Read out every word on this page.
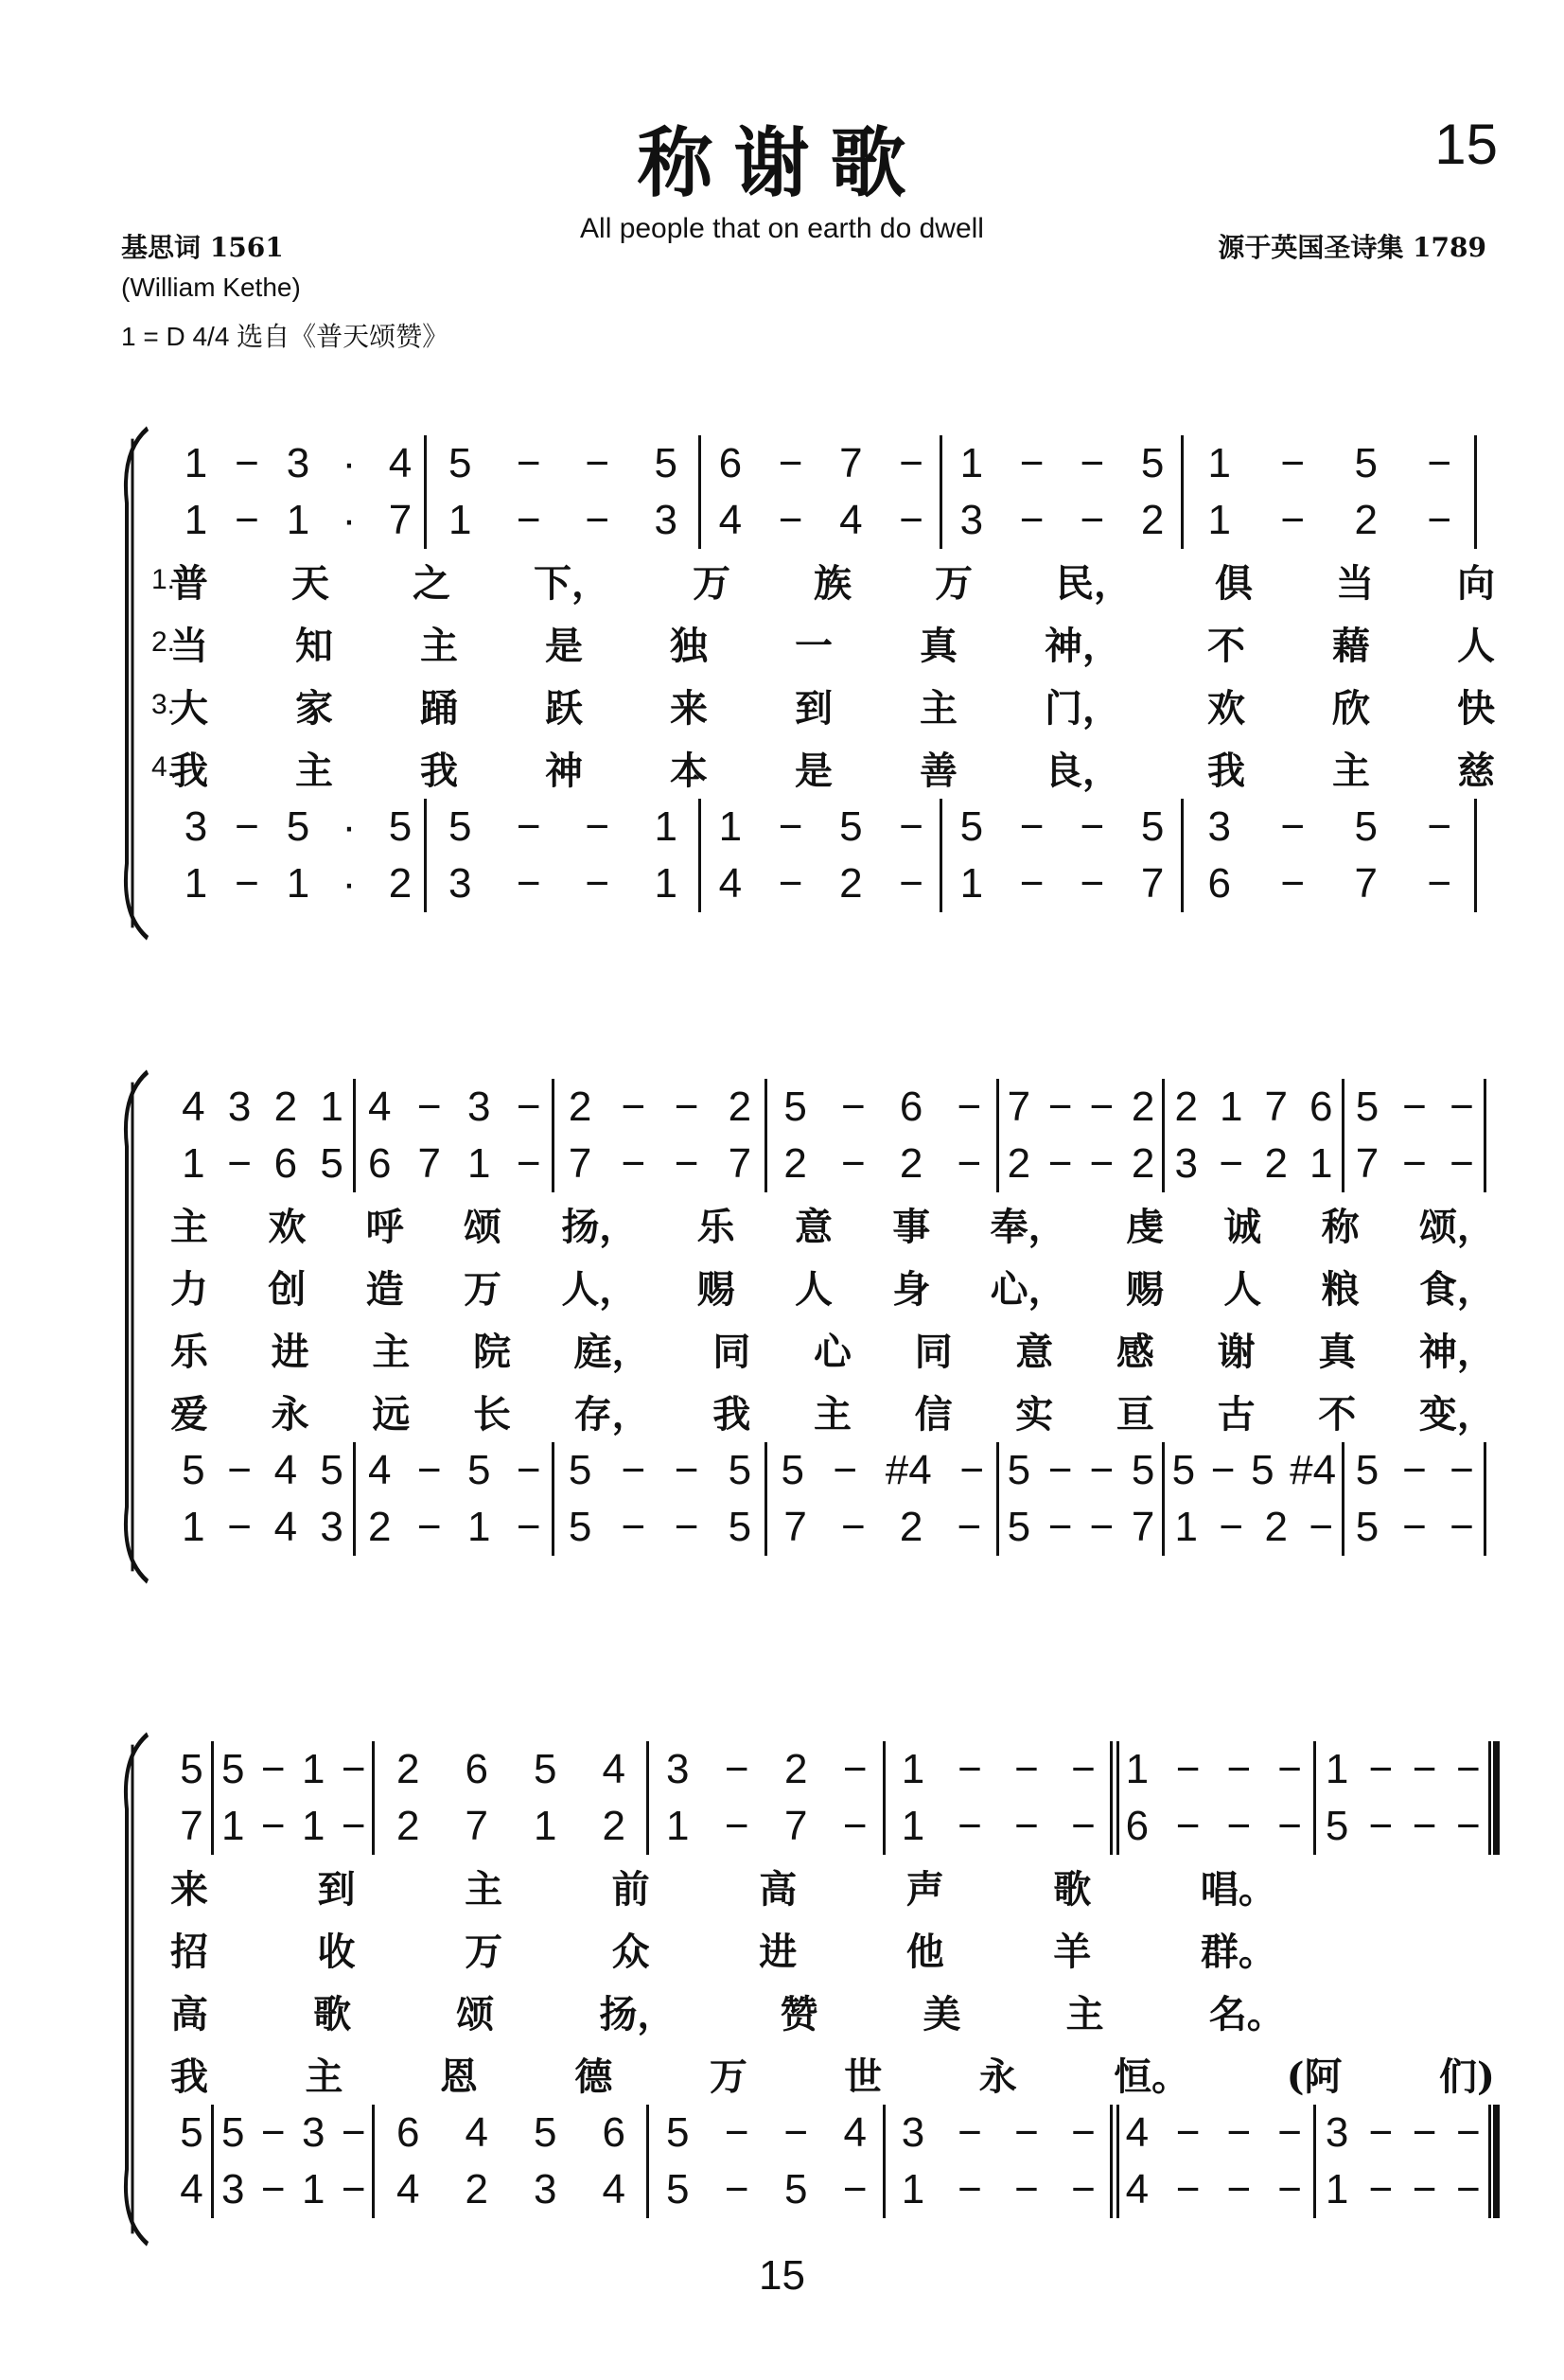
称谢歌	15
All people that on earth do dwell
基思词 1561
(William Kethe)
1 = D 4/4 选自《普天颂赞》
源于英国圣诗集 1789
1 − 3 · 4 5 − − 5 6 − 7 − 1 − − 5 1 − 5 −
1 − 1 · 7 1 − − 3 4 − 4 − 3 − − 2 1 − 2 −
1.
普 天 之 下， 万 族 万 民， 俱 当 向
2.
当 知 主 是 独 一 真 神， 不 藉 人
3.
大 家 踊 跃 来 到 主 门， 欢 欣 快
4.
我 主 我 神 本 是 善 良， 我 主 慈
3 − 5 · 5 5 − − 1 1 − 5 − 5 − − 5 3 − 5 −
1 − 1 · 2 3 − − 1 4 − 2 − 1 − − 7 6 − 7 −
4 3 2 1 4 − 3 − 2 − − 2 5 − 6 − 7 − − 2 2 1 7 6 5 − −
1 − 6 5 6 7 1 − 7 − − 7 2 − 2 − 2 − − 2 3 − 2 1 7 − −
主 欢 呼 颂 扬， 乐 意 事 奉， 虔 诚 称 颂，
力 创 造 万 人， 赐 人 身 心， 赐 人 粮 食，
乐 进 主 院 庭， 同 心 同 意 感 谢 真 神，
爱 永 远 长 存， 我 主 信 实 亘 古 不 变，
5 − 4 5 4 − 5 − 5 − − 5 5 − #4 − 5 − − 5 5 − 5 #4 5 − −
1 − 4 3 2 − 1 − 5 − − 5 7 − 2 − 5 − − 7 1 − 2 − 5 − −
5 5 − 1 − 2 6 5 4 3 − 2 − 1 − − − 1 − − − 1 − − −
7 1 − 1 − 2 7 1 2 1 − 7 − 1 − − − 6 − − − 5 − − −
来	到	主	前	高	声	歌	唱。
招	收	万	众	进	他	羊	群。
高	歌	颂	扬，	赞	美	主	名。
我	主	恩	德	万	世	永	恒。	(阿	们)
5 5 − 3 − 6 4 5 6 5 − − 4 3 − − − 4 − − − 3 − − −
4 3 − 1 − 4 2 3 4 5 − 5 − 1 − − − 4 − − − 1 − − −
15
